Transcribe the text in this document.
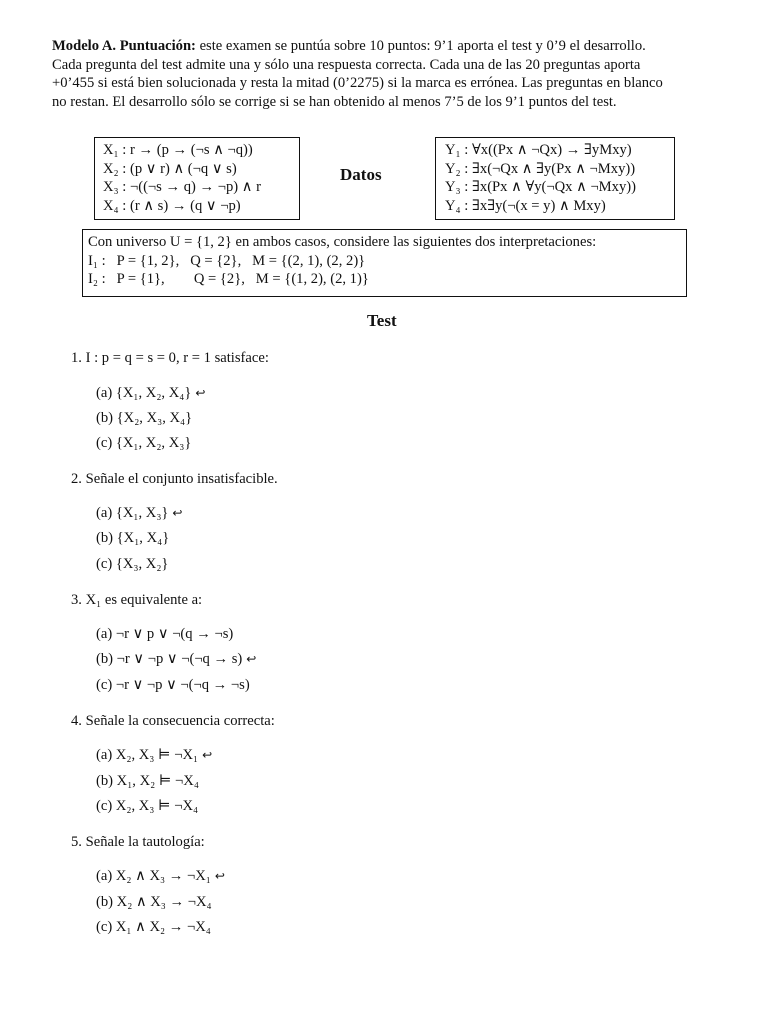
Modelo A. Puntuación: este examen se puntúa sobre 10 puntos: 9’1 aporta el test y 0’9 el desarrollo.
Cada pregunta del test admite una y sólo una respuesta correcta. Cada una de las 20 preguntas aporta
+0’455 si está bien solucionada y resta la mitad (0’2275) si la marca es errónea. Las preguntas en blanco
no restan. El desarrollo sólo se corrige si se han obtenido al menos 7’5 de los 9’1 puntos del test.
X₁ : r → (p → (¬s ∧ ¬q))
X₂ : (p ∨ r) ∧ (¬q ∨ s)
X₃ : ¬((¬s → q) → ¬p) ∧ r
X₄ : (r ∧ s) → (q ∨ ¬p)
Datos
Y₁ : ∀x((Px ∧ ¬Qx) → ∃yMxy)
Y₂ : ∃x(¬Qx ∧ ∃y(Px ∧ ¬Mxy))
Y₃ : ∃x(Px ∧ ∀y(¬Qx ∧ ¬Mxy))
Y₄ : ∃x∃y(¬(x = y) ∧ Mxy)
Con universo U = {1, 2} en ambos casos, considere las siguientes dos interpretaciones:
I₁ :   P = {1, 2},   Q = {2},   M = {(2, 1), (2, 2)}
I₂ :   P = {1},        Q = {2},   M = {(1, 2), (2, 1)}
Test
1. I : p = q = s = 0, r = 1 satisface:
(a) {X₁, X₂, X₄} ↩
(b) {X₂, X₃, X₄}
(c) {X₁, X₂, X₃}
2. Señale el conjunto insatisfacible.
(a) {X₁, X₃} ↩
(b) {X₁, X₄}
(c) {X₃, X₂}
3. X₁ es equivalente a:
(a) ¬r ∨ p ∨ ¬(q → ¬s)
(b) ¬r ∨ ¬p ∨ ¬(¬q → s) ↩
(c) ¬r ∨ ¬p ∨ ¬(¬q → ¬s)
4. Señale la consecuencia correcta:
(a) X₂, X₃ ⊨ ¬X₁ ↩
(b) X₁, X₂ ⊨ ¬X₄
(c) X₂, X₃ ⊨ ¬X₄
5. Señale la tautología:
(a) X₂ ∧ X₃ → ¬X₁ ↩
(b) X₂ ∧ X₃ → ¬X₄
(c) X₁ ∧ X₂ → ¬X₄
